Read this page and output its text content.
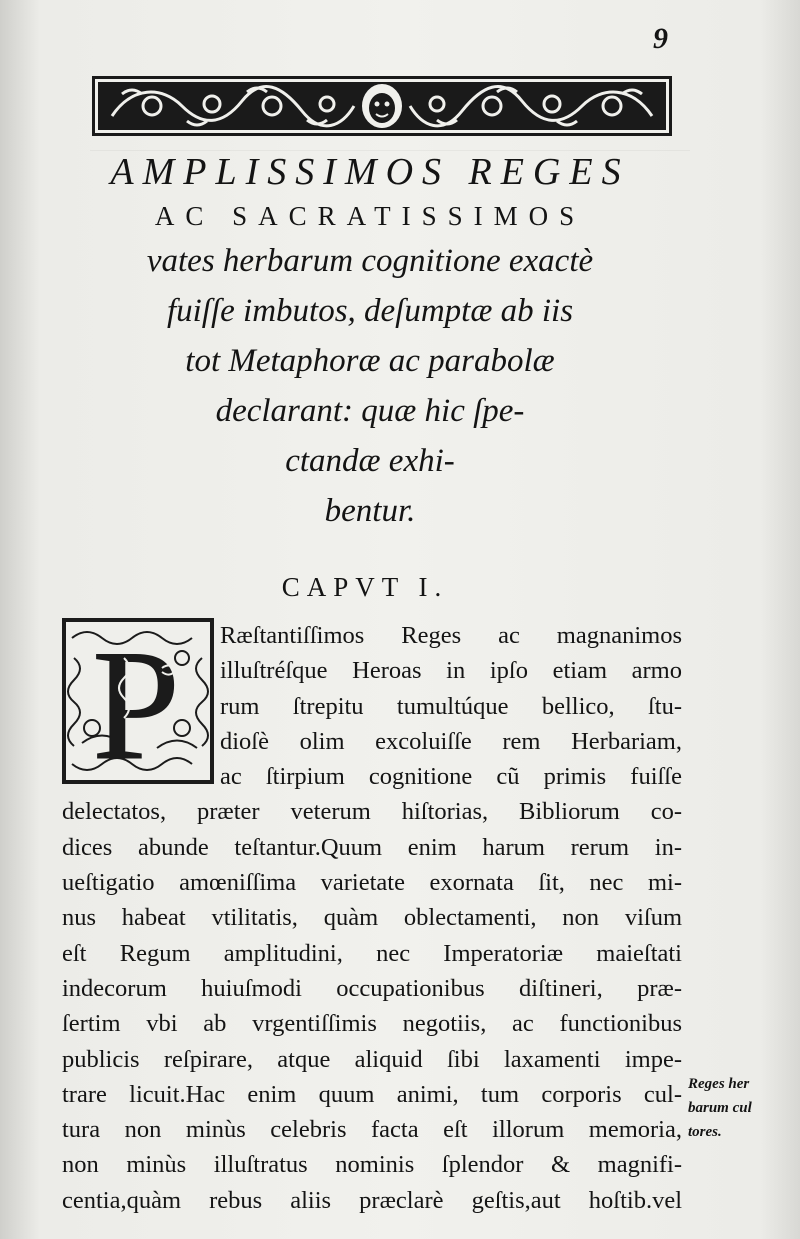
9
AMPLISSIMOS REGES
AC SACRATISSIMOS
vates herbarum cognitione exactè
fuiſſe imbutos, deſumptæ ab iis
tot Metaphoræ ac parabolæ
declarant: quæ hic ſpe-
ctandæ exhi-
bentur.
CAPVT I.
P	Ræſtantiſſimos Reges ac magnanimos
illuſtréſque Heroas in ipſo etiam armo
rum ſtrepitu tumultúque bellico, ſtu-
dioſè olim excoluiſſe rem Herbariam,
ac ſtirpium cognitione cũ primis fuiſſe
delectatos, præter veterum hiſtorias, Bibliorum co-
dices abunde teſtantur.Quum enim harum rerum in-
ueſtigatio amœniſſima varietate exornata ſit, nec mi-
nus habeat vtilitatis, quàm oblectamenti, non viſum
eſt Regum amplitudini, nec Imperatoriæ maieſtati
indecorum huiuſmodi occupationibus diſtineri, præ-
ſertim vbi ab vrgentiſſimis negotiis, ac functionibus
publicis reſpirare, atque aliquid ſibi laxamenti impe-
trare licuit.Hac enim quum animi, tum corporis cul-
tura non minùs celebris facta eſt illorum memoria,
non minùs illuſtratus nominis ſplendor & magnifi-
centia,quàm rebus aliis præclarè geſtis,aut hoſtib.vel
Reges her
barum cul
tores.
